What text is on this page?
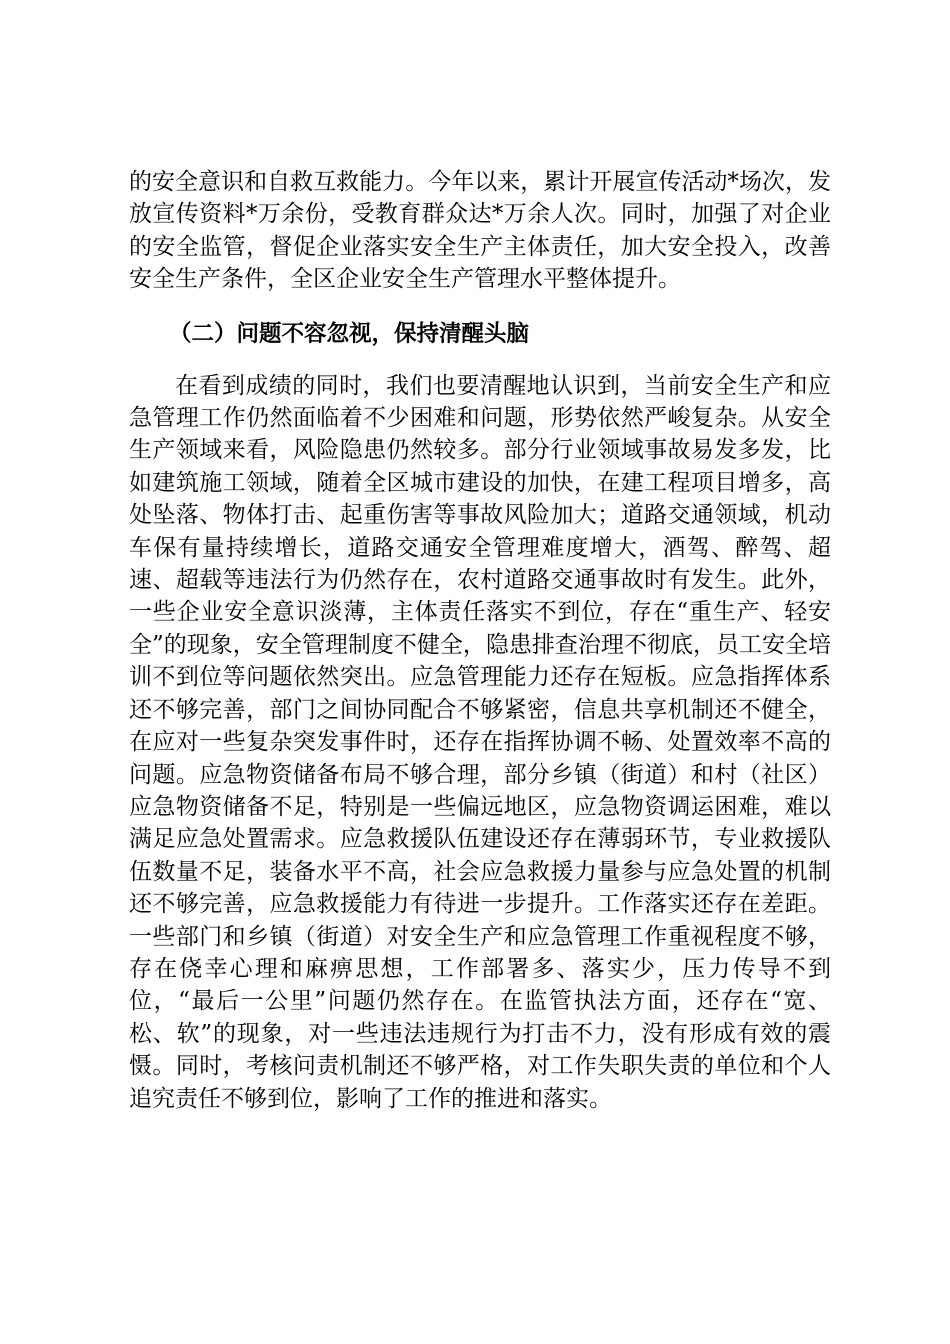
的安全意识和自救互救能力。今年以来，累计开展宣传活动*场次，发放宣传资料*万余份，受教育群众达*万余人次。同时，加强了对企业的安全监管，督促企业落实安全生产主体责任，加大安全投入，改善安全生产条件，全区企业安全生产管理水平整体提升。

（二）问题不容忽视，保持清醒头脑

在看到成绩的同时，我们也要清醒地认识到，当前安全生产和应急管理工作仍然面临着不少困难和问题，形势依然严峻复杂。从安全生产领域来看，风险隐患仍然较多。部分行业领域事故易发多发，比如建筑施工领域，随着全区城市建设的加快，在建工程项目增多，高处坠落、物体打击、起重伤害等事故风险加大；道路交通领域，机动车保有量持续增长，道路交通安全管理难度增大，酒驾、醉驾、超速、超载等违法行为仍然存在，农村道路交通事故时有发生。此外，一些企业安全意识淡薄，主体责任落实不到位，存在“重生产、轻安全”的现象，安全管理制度不健全，隐患排查治理不彻底，员工安全培训不到位等问题依然突出。应急管理能力还存在短板。应急指挥体系还不够完善，部门之间协同配合不够紧密，信息共享机制还不健全，在应对一些复杂突发事件时，还存在指挥协调不畅、处置效率不高的问题。应急物资储备布局不够合理，部分乡镇（街道）和村（社区）应急物资储备不足，特别是一些偏远地区，应急物资调运困难，难以满足应急处置需求。应急救援队伍建设还存在薄弱环节，专业救援队伍数量不足，装备水平不高，社会应急救援力量参与应急处置的机制还不够完善，应急救援能力有待进一步提升。工作落实还存在差距。一些部门和乡镇（街道）对安全生产和应急管理工作重视程度不够，存在侥幸心理和麻痹思想，工作部署多、落实少，压力传导不到位，“最后一公里”问题仍然存在。在监管执法方面，还存在“宽、松、软”的现象，对一些违法违规行为打击不力，没有形成有效的震慑。同时，考核问责机制还不够严格，对工作失职失责的单位和个人追究责任不够到位，影响了工作的推进和落实。
